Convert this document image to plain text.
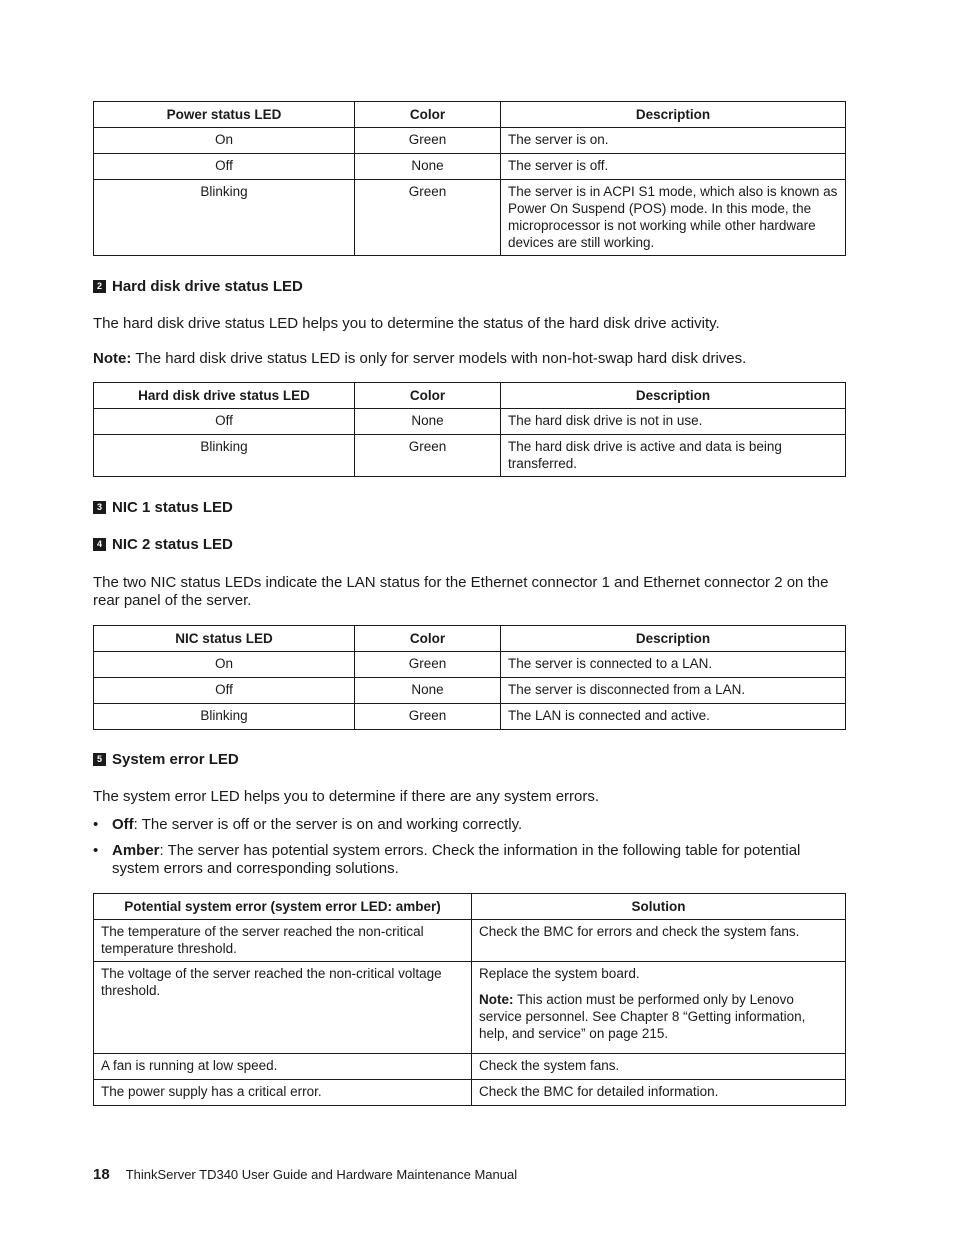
Power status LED	Color	Description
On	Green	The server is on.
Off	None	The server is off.
Blinking	Green	The server is in ACPI S1 mode, which also is known as Power On Suspend (POS) mode. In this mode, the microprocessor is not working while other hardware devices are still working.
2 Hard disk drive status LED
The hard disk drive status LED helps you to determine the status of the hard disk drive activity.
Note: The hard disk drive status LED is only for server models with non-hot-swap hard disk drives.
Hard disk drive status LED	Color	Description
Off	None	The hard disk drive is not in use.
Blinking	Green	The hard disk drive is active and data is being transferred.
3 NIC 1 status LED
4 NIC 2 status LED
The two NIC status LEDs indicate the LAN status for the Ethernet connector 1 and Ethernet connector 2 on the rear panel of the server.
NIC status LED	Color	Description
On	Green	The server is connected to a LAN.
Off	None	The server is disconnected from a LAN.
Blinking	Green	The LAN is connected and active.
5 System error LED
The system error LED helps you to determine if there are any system errors.
• Off: The server is off or the server is on and working correctly.
• Amber: The server has potential system errors. Check the information in the following table for potential system errors and corresponding solutions.
Potential system error (system error LED: amber)	Solution
The temperature of the server reached the non-critical temperature threshold.	Check the BMC for errors and check the system fans.
The voltage of the server reached the non-critical voltage threshold.	Replace the system board.
Note: This action must be performed only by Lenovo service personnel. See Chapter 8 “Getting information, help, and service” on page 215.

A fan is running at low speed.	Check the system fans.
The power supply has a critical error.	Check the BMC for detailed information.
18 ThinkServer TD340 User Guide and Hardware Maintenance Manual
